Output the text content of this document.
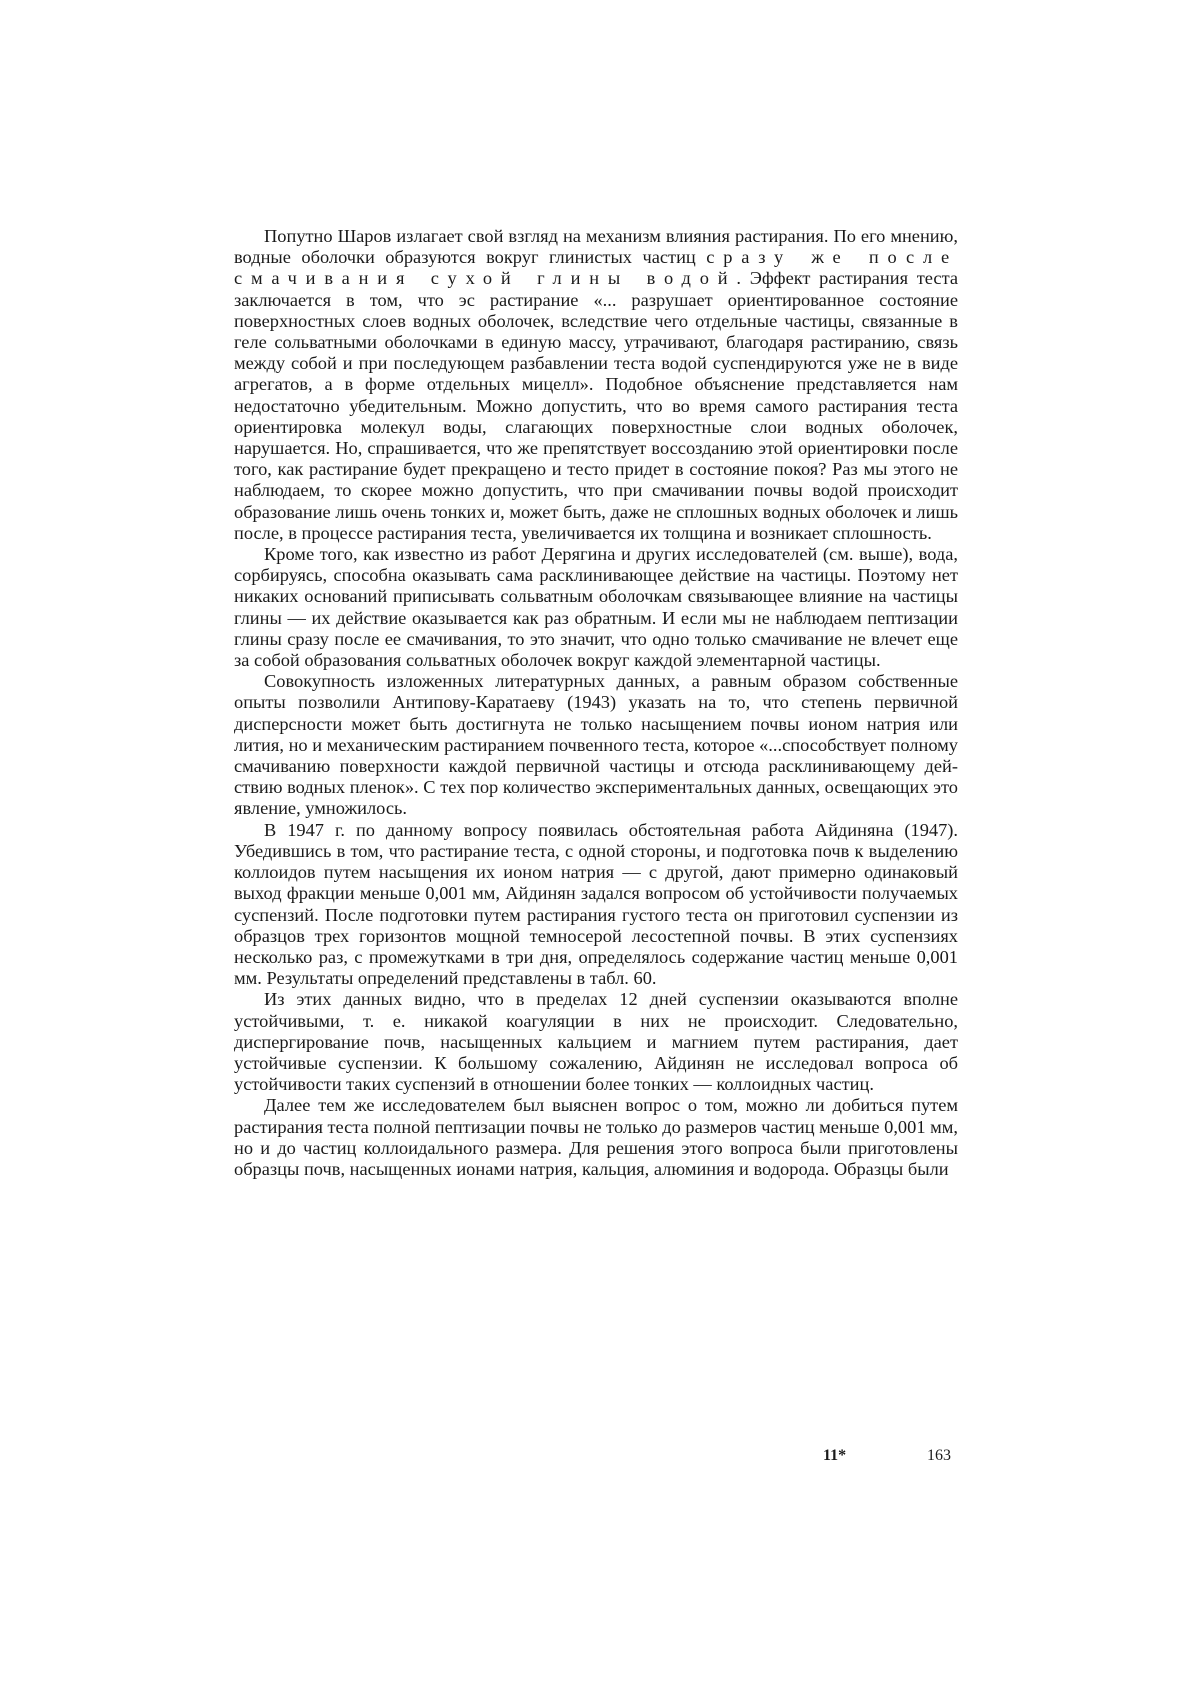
Попутно Шаров излагает свой взгляд на механизм влияния растирания. По его мнению, водные оболочки образуются вокруг глинистых частиц сразу же после смачивания сухой глины водой. Эффект растирания теста заключается в том, что эс растирание «... разрушает ориентированное состояние поверхностных слоев водных оболочек, вследствие чего отдельные частицы, связанные в геле сольватными оболочками в единую массу, утрачивают, благодаря растиранию, связь между собой и при последующем разбавлении теста водой суспендируются уже не в виде агрегатов, а в форме отдельных мицелл». Подобное объяснение представляется нам недостаточно убедительным. Можно допустить, что во время самого растирания теста ориентировка молекул воды, слагающих поверхностные слои водных оболочек, нарушается. Но, спрашивается, что же препятствует воссозданию этой ориентировки после того, как растирание будет прекращено и тесто придет в состояние покоя? Раз мы этого не наблюдаем, то скорее можно допустить, что при смачивании почвы водой происходит образование лишь очень тонких и, может быть, даже не сплошных водных оболочек и лишь после, в процессе растирания теста, увеличивается их толщина и возникает сплошность.

Кроме того, как известно из работ Дерягина и других исследователей (см. выше), вода, сорбируясь, способна оказывать сама расклинивающее действие на частицы. Поэтому нет никаких оснований приписывать сольватным оболочкам связывающее влияние на частицы глины — их действие оказывается как раз обратным. И если мы не наблюдаем пептизации глины сразу после ее смачивания, то это значит, что одно только смачивание не влечет еще за собой образования сольватных оболочек вокруг каждой элементарной частицы.

Совокупность изложенных литературных данных, а равным образом собственные опыты позволили Антипову-Каратаеву (1943) указать на то, что степень первичной дисперсности может быть достигнута не только насыщением почвы ионом натрия или лития, но и механическим растиранием почвенного теста, которое «...способствует полному смачиванию поверхности каждой первичной частицы и отсюда расклинивающему действию водных пленок». С тех пор количество экспериментальных данных, освещающих это явление, умножилось.

В 1947 г. по данному вопросу появилась обстоятельная работа Айдиняна (1947). Убедившись в том, что растирание теста, с одной стороны, и подготовка почв к выделению коллоидов путем насыщения их ионом натрия — с другой, дают примерно одинаковый выход фракции меньше 0,001 мм, Айдинян задался вопросом об устойчивости получаемых суспензий. После подготовки путем растирания густого теста он приготовил суспензии из образцов трех горизонтов мощной темносерой лесостепной почвы. В этих суспензиях несколько раз, с промежутками в три дня, определялось содержание частиц меньше 0,001 мм. Результаты определений представлены в табл. 60.

Из этих данных видно, что в пределах 12 дней суспензии оказываются вполне устойчивыми, т. е. никакой коагуляции в них не происходит. Следовательно, диспергирование почв, насыщенных кальцием и магнием путем растирания, дает устойчивые суспензии. К большому сожалению, Айдинян не исследовал вопроса об устойчивости таких суспензий в отношении более тонких — коллоидных частиц.

Далее тем же исследователем был выяснен вопрос о том, можно ли добиться путем растирания теста полной пептизации почвы не только до размеров частиц меньше 0,001 мм, но и до частиц коллоидального размера. Для решения этого вопроса были приготовлены образцы почв, насыщенных ионами натрия, кальция, алюминия и водорода. Образцы были

11*	163
